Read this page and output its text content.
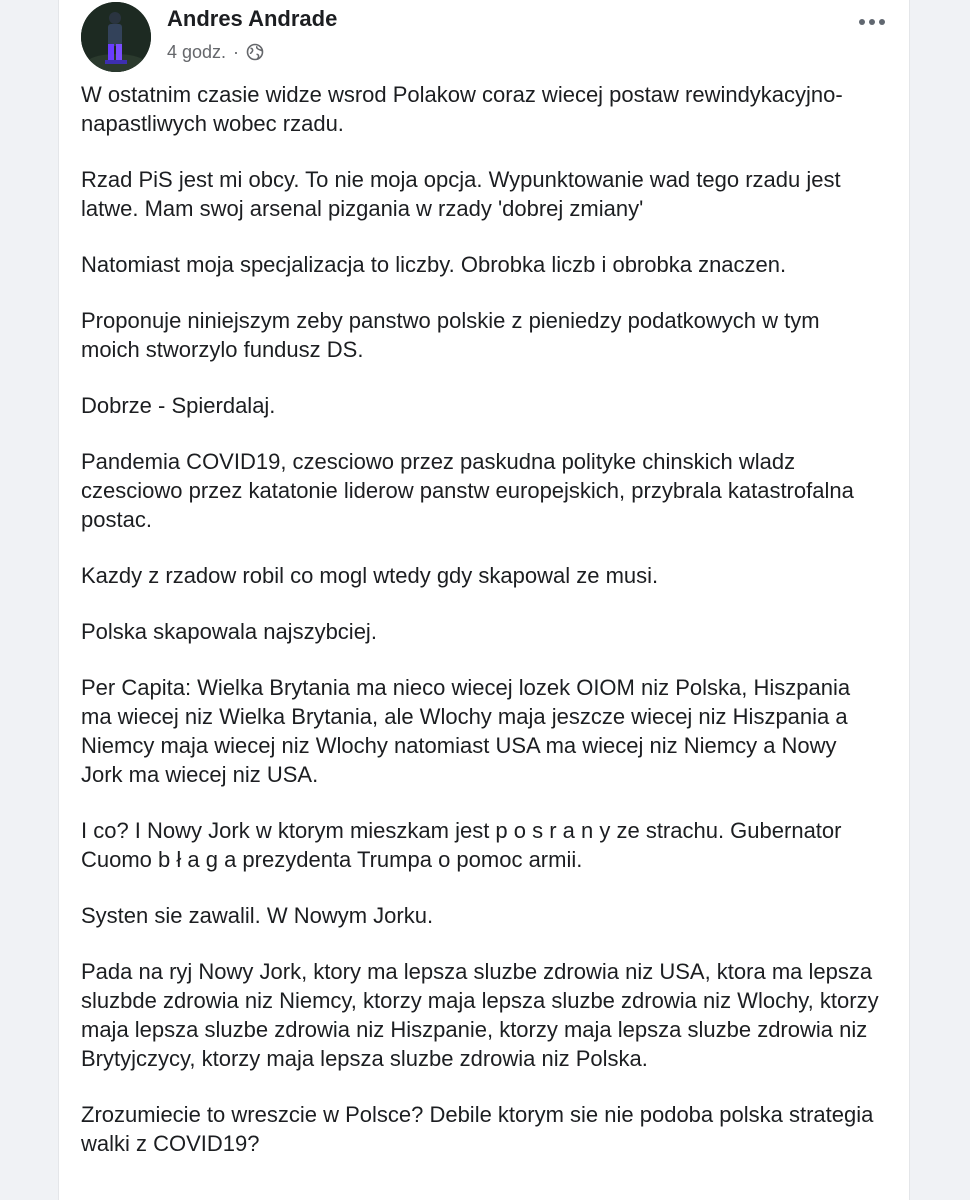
Andres Andrade
4 godz. ·

W ostatnim czasie widze wsrod Polakow coraz wiecej postaw rewindykacyjno-napastliwych wobec rzadu.

Rzad PiS jest mi obcy. To nie moja opcja. Wypunktowanie wad tego rzadu jest latwe. Mam swoj arsenal pizgania w rzady 'dobrej zmiany'

Natomiast moja specjalizacja to liczby. Obrobka liczb i obrobka znaczen.

Proponuje niniejszym zeby panstwo polskie z pieniedzy podatkowych w tym moich stworzylo fundusz DS.

Dobrze - Spierdalaj.

Pandemia COVID19, czesciowo przez paskudna polityke chinskich wladz czesciowo przez katatonie liderow panstw europejskich, przybrala katastrofalna postac.

Kazdy z rzadow robil co mogl wtedy gdy skapowal ze musi.

Polska skapowala najszybciej.

Per Capita: Wielka Brytania ma nieco wiecej lozek OIOM niz Polska, Hiszpania ma wiecej niz Wielka Brytania, ale Wlochy maja jeszcze wiecej niz Hiszpania a Niemcy maja wiecej niz Wlochy natomiast USA ma wiecej niz Niemcy a Nowy Jork ma wiecej niz USA.

I co? I Nowy Jork w ktorym mieszkam jest p o s r a n y ze strachu. Gubernator Cuomo b ł a g a prezydenta Trumpa o pomoc armii.

Systen sie zawalil. W Nowym Jorku.

Pada na ryj Nowy Jork, ktory ma lepsza sluzbe zdrowia niz USA, ktora ma lepsza sluzbde zdrowia niz Niemcy, ktorzy maja lepsza sluzbe zdrowia niz Wlochy, ktorzy maja lepsza sluzbe zdrowia niz Hiszpanie, ktorzy maja lepsza sluzbe zdrowia niz Brytyjczycy, ktorzy maja lepsza sluzbe zdrowia niz Polska.

Zrozumiecie to wreszcie w Polsce? Debile ktorym sie nie podoba polska strategia walki z COVID19?
